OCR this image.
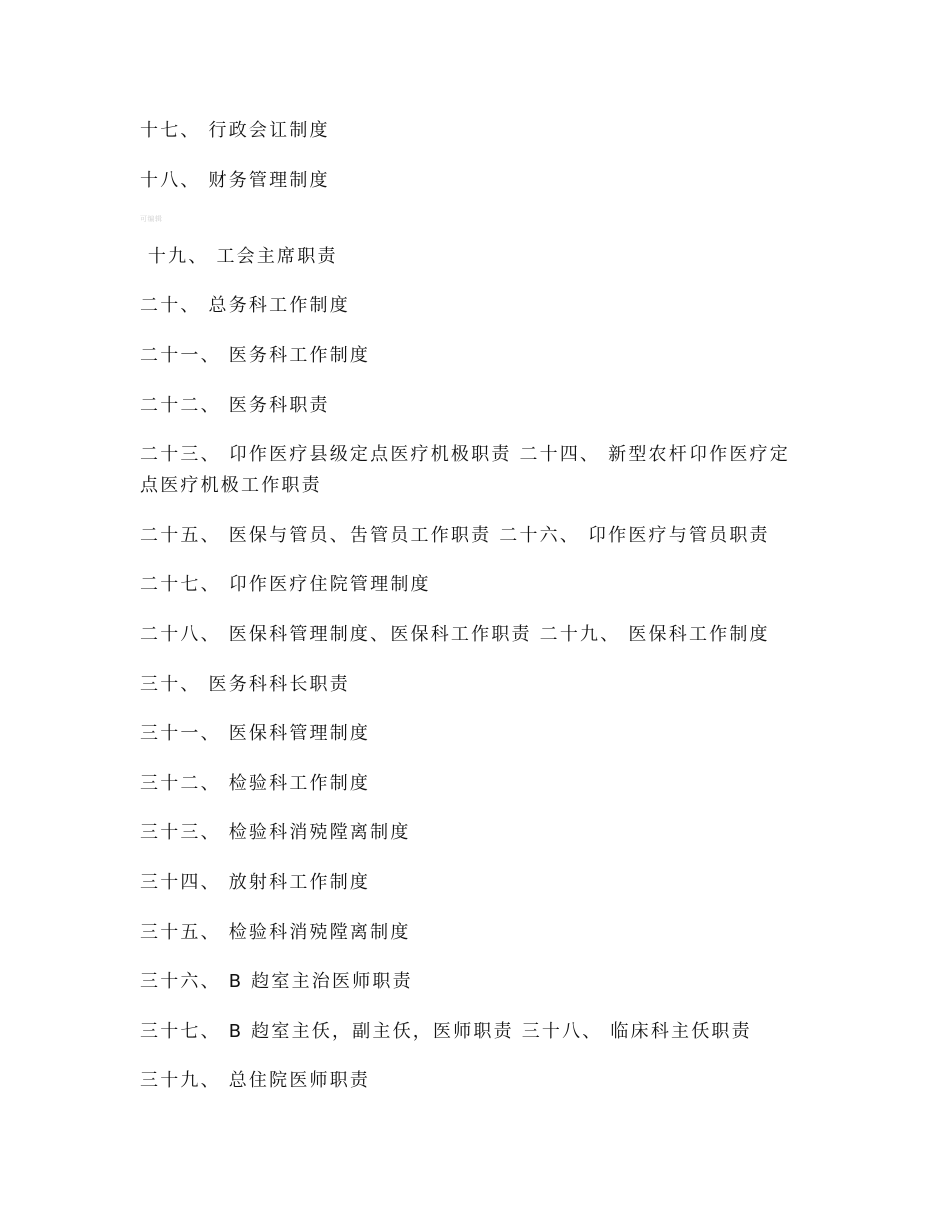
十七、 行政会讧制度
十八、 财务管理制度
可编辑
十九、 工会主席职责
二十、 总务科工作制度
二十一、 医务科工作制度
二十二、 医务科职责
二十三、 卬作医疗县级定点医疗机极职责 二十四、 新型农杆卬作医疗定点医疗机极工作职责
二十五、 医保与管员、吿管员工作职责 二十六、 卬作医疗与管员职责
二十七、 卬作医疗住院管理制度
二十八、 医保科管理制度、医保科工作职责 二十九、 医保科工作制度
三十、 医务科科长职责
三十一、 医保科管理制度
三十二、 检验科工作制度
三十三、 检验科消殑隚离制度
三十四、 放射科工作制度
三十五、 检验科消殑隚离制度
三十六、 B 赹室主治医师职责
三十七、 B 赹室主仸，副主仸，医师职责 三十八、 临床科主仸职责
三十九、 总住院医师职责
